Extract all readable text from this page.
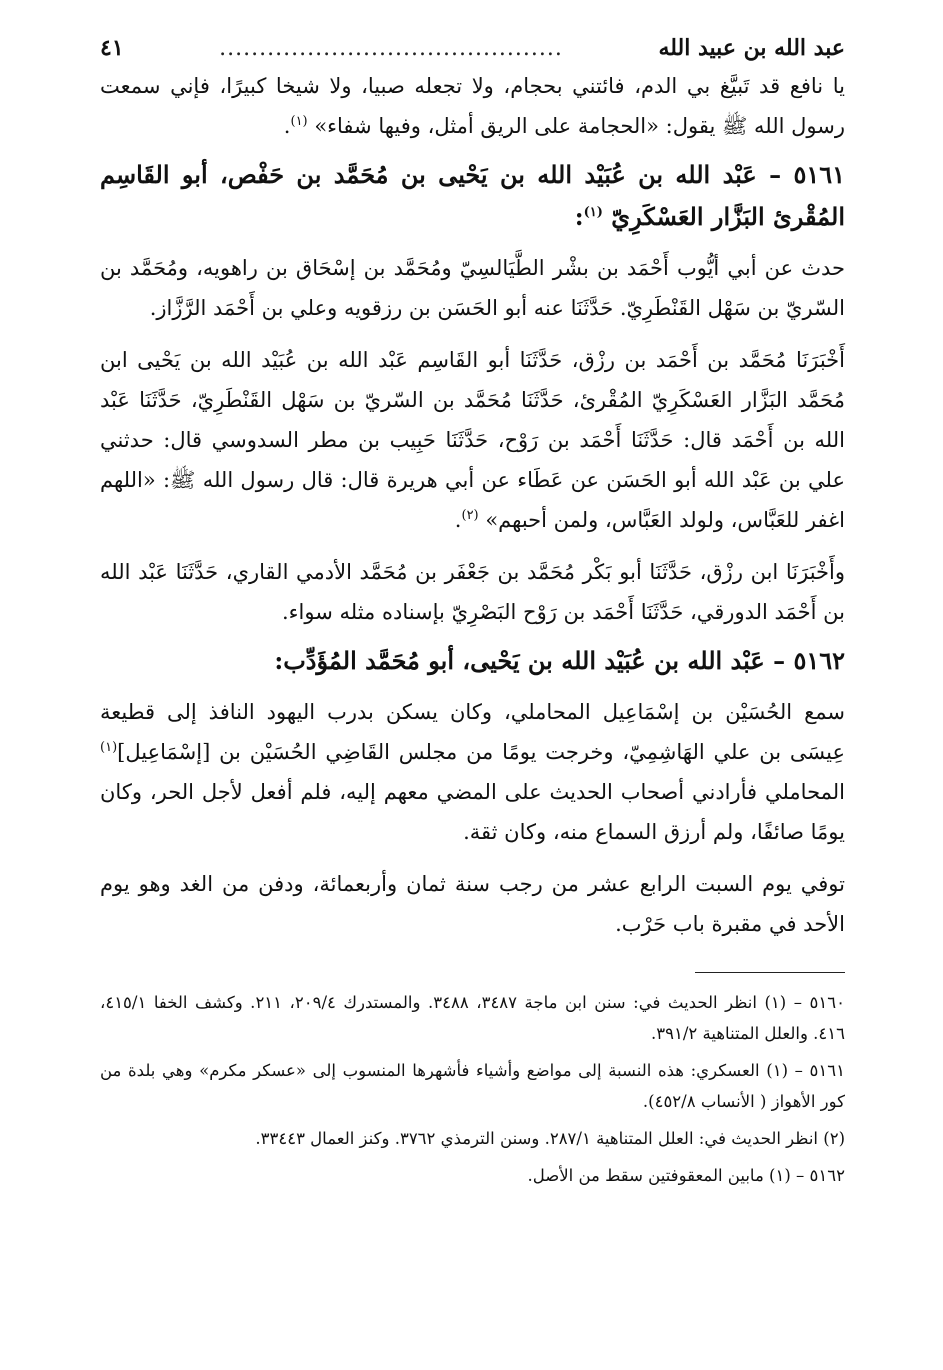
عبد الله بن عبيد الله
...........................................
٤١

يا نافع قد تَبيَّغ بي الدم، فائتني بحجام، ولا تجعله صبيا، ولا شيخا كبيرًا، فإني سمعت رسول الله ﷺ يقول: «الحجامة على الريق أمثل، وفيها شفاء» $^{(١)}$.

٥١٦١ – عَبْد الله بن عُبَيْد الله بن يَحْيى بن مُحَمَّد بن حَفْص، أبو القَاسِم المُقْرئ البَزَّار العَسْكَرِيّ $^{(١)}$:

حدث عن أبي أيُّوب أَحْمَد بن بشْر الطَّيَالسِيّ ومُحَمَّد بن إسْحَاق بن راهويه، ومُحَمَّد بن السّريّ بن سَهْل القَنْطَرِيّ. حَدَّثَنَا عنه أبو الحَسَن بن رزقويه وعلي بن أَحْمَد الرَّزَّاز.

أَخْبَرَنَا مُحَمَّد بن أَحْمَد بن رزْق، حَدَّثَنَا أبو القَاسِم عَبْد الله بن عُبَيْد الله بن يَحْيى ابن مُحَمَّد البَزَّار العَسْكَرِيّ المُقْرئ، حَدَّثَنَا مُحَمَّد بن السّريّ بن سَهْل القَنْطَرِيّ، حَدَّثَنَا عَبْد الله بن أَحْمَد قال: حَدَّثَنَا أَحْمَد بن رَوْح، حَدَّثَنَا حَبِيب بن مطر السدوسي قال: حدثني علي بن عَبْد الله أبو الحَسَن عن عَطَاء عن أبي هريرة قال: قال رسول الله ﷺ: «اللهم اغفر للعَبَّاس، ولولد العَبَّاس، ولمن أحبهم» $^{(٢)}$.

وأَخْبَرَنَا ابن رزْق، حَدَّثَنَا أبو بَكْر مُحَمَّد بن جَعْفَر بن مُحَمَّد الأدمي القاري، حَدَّثَنَا عَبْد الله بن أَحْمَد الدورقي، حَدَّثَنَا أَحْمَد بن رَوْح البَصْرِيّ بإسناده مثله سواء.

٥١٦٢ – عَبْد الله بن عُبَيْد الله بن يَحْيى، أبو مُحَمَّد المُؤَدِّب:

سمع الحُسَيْن بن إسْمَاعِيل المحاملي، وكان يسكن بدرب اليهود النافذ إلى قطيعة عِيسَى بن علي الهَاشِمِيّ، وخرجت يومًا من مجلس القَاضِي الحُسَيْن بن [إسْمَاعِيل]$^{(١)}$ المحاملي فأرادني أصحاب الحديث على المضي معهم إليه، فلم أفعل لأجل الحر، وكان يومًا صائفًا، ولم أرزق السماع منه، وكان ثقة.

توفي يوم السبت الرابع عشر من رجب سنة ثمان وأربعمائة، ودفن من الغد وهو يوم الأحد في مقبرة باب حَرْب.

٥١٦٠ – (١) انظر الحديث في: سنن ابن ماجة ٣٤٨٧، ٣٤٨٨. والمستدرك ٢٠٩/٤، ٢١١. وكشف الخفا ٤١٥/١، ٤١٦. والعلل المتناهية ٣٩١/٢.

٥١٦١ – (١) العسكري: هذه النسبة إلى مواضع وأشياء فأشهرها المنسوب إلى «عسكر مكرم» وهي بلدة من كور الأهواز ( الأنساب ٤٥٢/٨).

(٢) انظر الحديث في: العلل المتناهية ٢٨٧/١. وسنن الترمذي ٣٧٦٢. وكنز العمال ٣٣٤٤٣.

٥١٦٢ – (١) مابين المعقوفتين سقط من الأصل.
